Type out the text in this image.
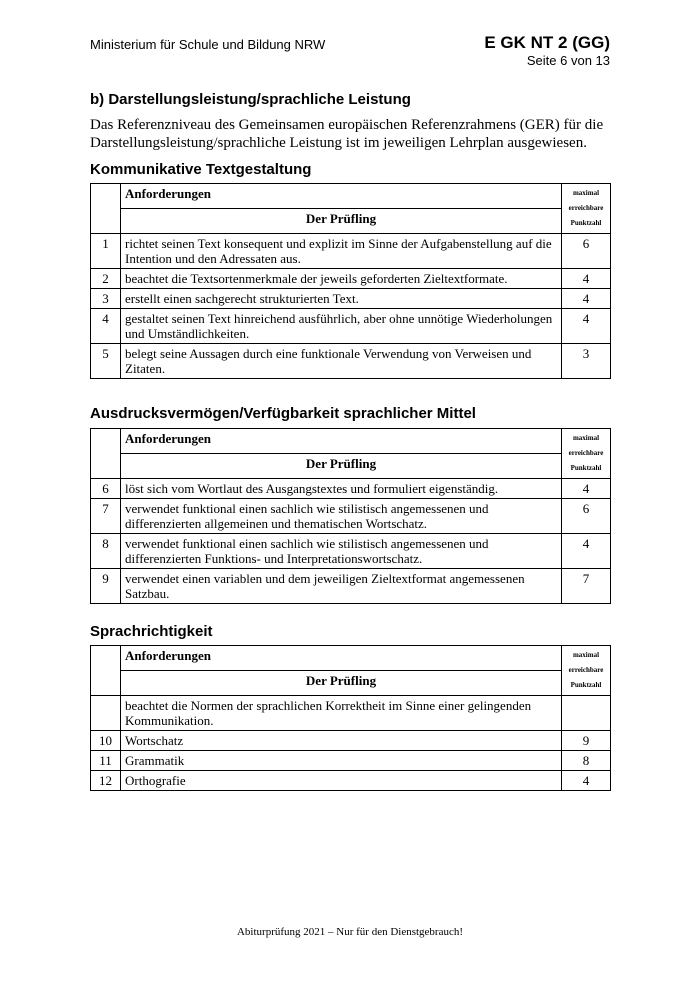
Ministerium für Schule und Bildung NRW	E GK NT 2 (GG)
Seite 6 von 13
b) Darstellungsleistung/sprachliche Leistung
Das Referenzniveau des Gemeinsamen europäischen Referenzrahmens (GER) für die
Darstellungsleistung/sprachliche Leistung ist im jeweiligen Lehrplan ausgewiesen.
Kommunikative Textgestaltung
	Anforderungen	maximal
erreichbare
Punktzahl

	Der Prüfling	
1	richtet seinen Text konsequent und explizit im Sinne der Aufgabenstellung auf die Intention und den Adressaten aus.	6
2	beachtet die Textsortenmerkmale der jeweils geforderten Zieltextformate.	4
3	erstellt einen sachgerecht strukturierten Text.	4
4	gestaltet seinen Text hinreichend ausführlich, aber ohne unnötige Wiederholungen und Umständlichkeiten.	4
5	belegt seine Aussagen durch eine funktionale Verwendung von Verweisen und Zitaten.	3
Ausdrucksvermögen/Verfügbarkeit sprachlicher Mittel
	Anforderungen	maximal
erreichbare
Punktzahl

	Der Prüfling	
6	löst sich vom Wortlaut des Ausgangstextes und formuliert eigenständig.	4
7	verwendet funktional einen sachlich wie stilistisch angemessenen und differenzierten allgemeinen und thematischen Wortschatz.	6
8	verwendet funktional einen sachlich wie stilistisch angemessenen und differenzierten Funktions- und Interpretationswortschatz.	4
9	verwendet einen variablen und dem jeweiligen Zieltextformat angemessenen Satzbau.	7
Sprachrichtigkeit
	Anforderungen	maximal
erreichbare
Punktzahl

	Der Prüfling	
	beachtet die Normen der sprachlichen Korrektheit im Sinne einer gelingenden Kommunikation.	
10	Wortschatz	9
11	Grammatik	8
12	Orthografie	4
Abiturprüfung 2021 – Nur für den Dienstgebrauch!
